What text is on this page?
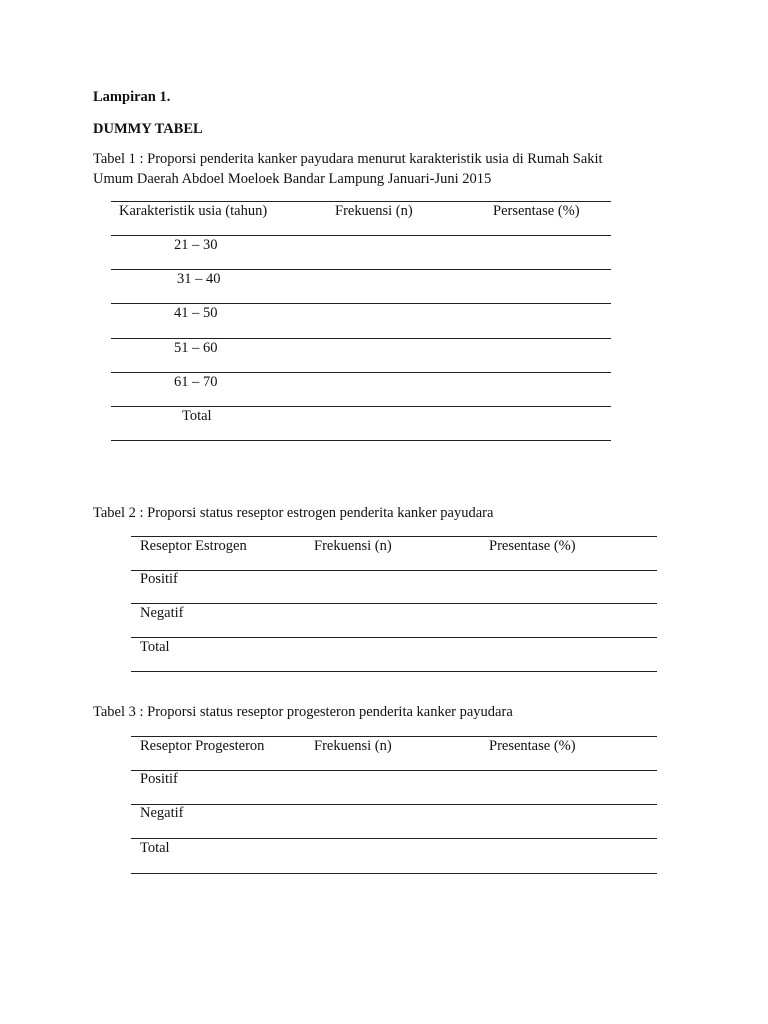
Lampiran 1.
DUMMY TABEL
Tabel 1 : Proporsi penderita kanker payudara menurut karakteristik usia di Rumah Sakit
Umum Daerah Abdoel Moeloek Bandar Lampung Januari-Juni 2015
Karakteristik usia (tahun)	Frekuensi (n)	Persentase (%)
21 – 30
31 – 40
41 – 50
51 – 60
61 – 70
Total
Tabel 2 : Proporsi status reseptor estrogen penderita kanker payudara
Reseptor Estrogen	Frekuensi (n)	Presentase (%)
Positif
Negatif
Total
Tabel 3 : Proporsi status reseptor progesteron penderita kanker payudara
Reseptor Progesteron	Frekuensi (n)	Presentase (%)
Positif
Negatif
Total
